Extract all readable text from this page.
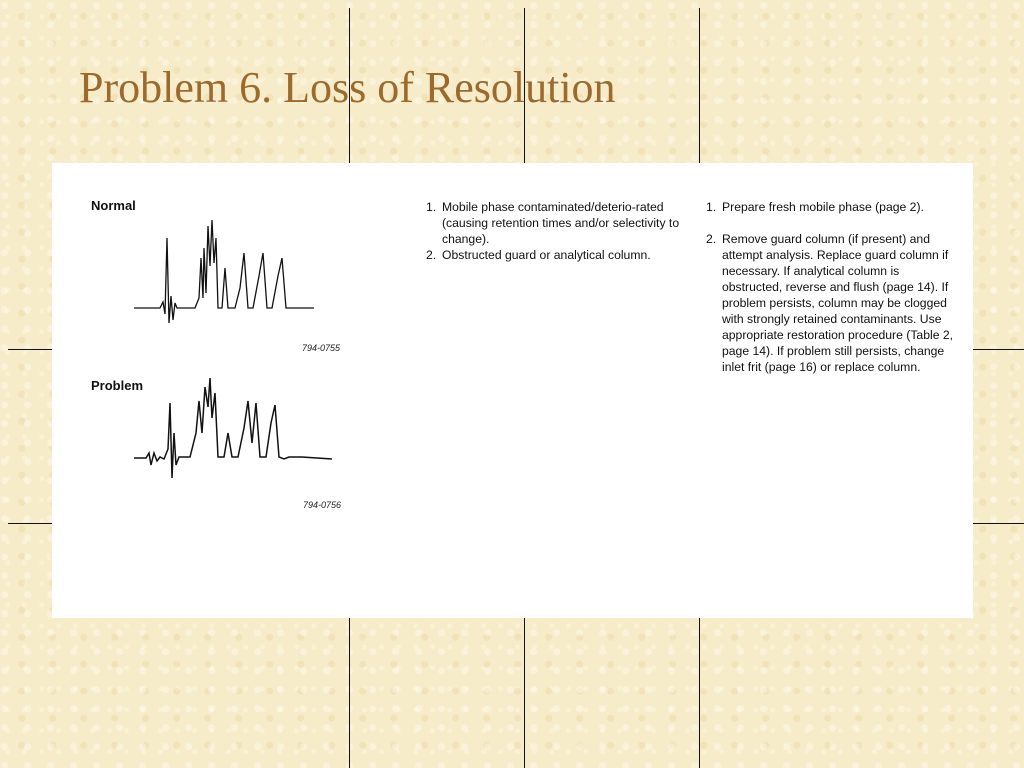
Problem 6. Loss of Resolution
Normal
794-0755
Problem
794-0756
1. Mobile phase contaminated/deterio-rated (causing retention times and/or selectivity to change).
2. Obstructed guard or analytical column.
1. Prepare fresh mobile phase (page 2).
2. Remove guard column (if present) and attempt analysis. Replace guard column if necessary. If analytical column is obstructed, reverse and flush (page 14). If problem persists, column may be clogged with strongly retained contaminants. Use appropriate restoration procedure (Table 2, page 14). If problem still persists, change inlet frit (page 16) or replace column.
